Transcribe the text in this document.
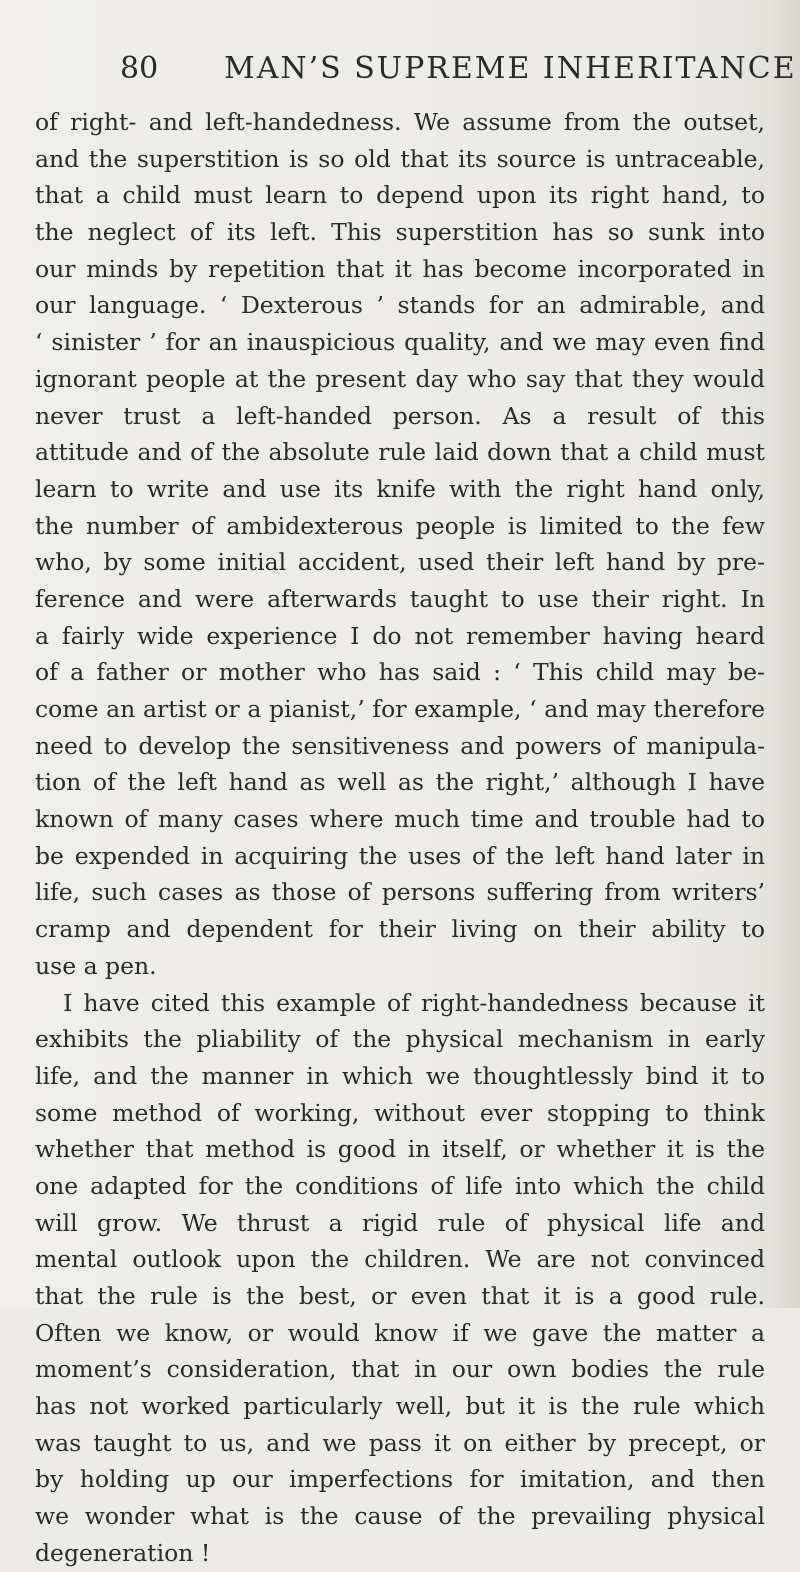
80 MAN’S SUPREME INHERITANCE
of right- and left-handedness. We assume from the outset,
and the superstition is so old that its source is untraceable,
that a child must learn to depend upon its right hand, to
the neglect of its left. This superstition has so sunk into
our minds by repetition that it has become incorporated in
our language. ‘ Dexterous ’ stands for an admirable, and
‘ sinister ’ for an inauspicious quality, and we may even find
ignorant people at the present day who say that they would
never trust a left-handed person. As a result of this
attitude and of the absolute rule laid down that a child must
learn to write and use its knife with the right hand only,
the number of ambidexterous people is limited to the few
who, by some initial accident, used their left hand by pre-
ference and were afterwards taught to use their right. In
a fairly wide experience I do not remember having heard
of a father or mother who has said : ‘ This child may be-
come an artist or a pianist,’ for example, ‘ and may therefore
need to develop the sensitiveness and powers of manipula-
tion of the left hand as well as the right,’ although I have
known of many cases where much time and trouble had to
be expended in acquiring the uses of the left hand later in
life, such cases as those of persons suffering from writers’
cramp and dependent for their living on their ability to
use a pen.
I have cited this example of right-handedness because it
exhibits the pliability of the physical mechanism in early
life, and the manner in which we thoughtlessly bind it to
some method of working, without ever stopping to think
whether that method is good in itself, or whether it is the
one adapted for the conditions of life into which the child
will grow. We thrust a rigid rule of physical life and
mental outlook upon the children. We are not convinced
that the rule is the best, or even that it is a good rule.
Often we know, or would know if we gave the matter a
moment’s consideration, that in our own bodies the rule
has not worked particularly well, but it is the rule which
was taught to us, and we pass it on either by precept, or
by holding up our imperfections for imitation, and then
we wonder what is the cause of the prevailing physical
degeneration !
